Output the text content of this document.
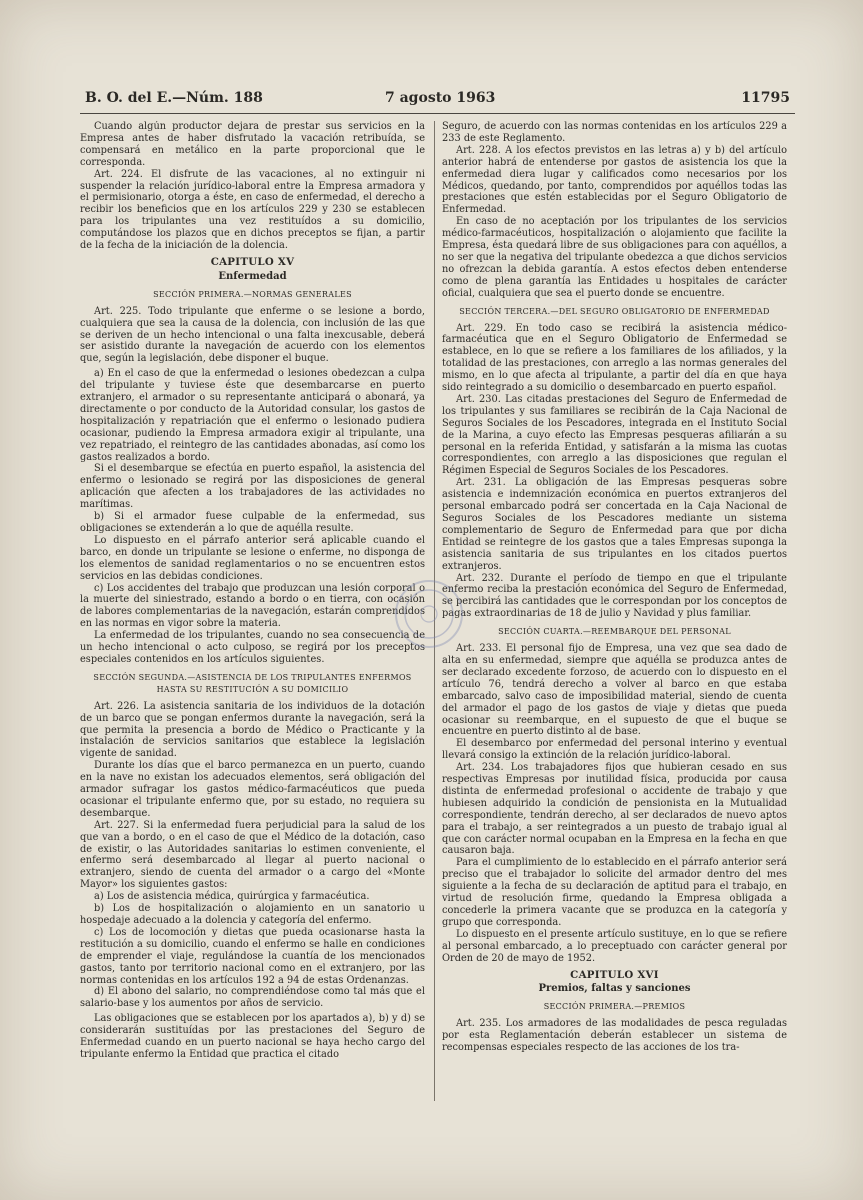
B. O. del E.—Núm. 188	7 agosto 1963	11795

Cuando algún productor dejara de prestar sus servicios en la Empresa antes de haber disfrutado la vacación retribuída, se compensará en metálico en la parte proporcional que le corresponda.

Art. 224. El disfrute de las vacaciones, al no extinguir ni suspender la relación jurídico-laboral entre la Empresa armadora y el permisionario, otorga a éste, en caso de enfermedad, el derecho a recibir los beneficios que en los artículos 229 y 230 se establecen para los tripulantes una vez restituídos a su domicilio, computándose los plazos que en dichos preceptos se fijan, a partir de la fecha de la iniciación de la dolencia.

CAPITULO XV

Enfermedad

SECCIÓN PRIMERA.—NORMAS GENERALES

Art. 225. Todo tripulante que enferme o se lesione a bordo, cualquiera que sea la causa de la dolencia, con inclusión de las que se deriven de un hecho intencional o una falta inexcusable, deberá ser asistido durante la navegación de acuerdo con los elementos que, según la legislación, debe disponer el buque.

a) En el caso de que la enfermedad o lesiones obedezcan a culpa del tripulante y tuviese éste que desembarcarse en puerto extranjero, el armador o su representante anticipará o abonará, ya directamente o por conducto de la Autoridad consular, los gastos de hospitalización y repatriación que el enfermo o lesionado pudiera ocasionar, pudiendo la Empresa armadora exigir al tripulante, una vez repatriado, el reintegro de las cantidades abonadas, así como los gastos realizados a bordo.

Si el desembarque se efectúa en puerto español, la asistencia del enfermo o lesionado se regirá por las disposiciones de general aplicación que afecten a los trabajadores de las actividades no marítimas.

b) Si el armador fuese culpable de la enfermedad, sus obligaciones se extenderán a lo que de aquélla resulte.

Lo dispuesto en el párrafo anterior será aplicable cuando el barco, en donde un tripulante se lesione o enferme, no disponga de los elementos de sanidad reglamentarios o no se encuentren estos servicios en las debidas condiciones.

c) Los accidentes del trabajo que produzcan una lesión corporal o la muerte del siniestrado, estando a bordo o en tierra, con ocasión de labores complementarias de la navegación, estarán comprendidos en las normas en vigor sobre la materia.

La enfermedad de los tripulantes, cuando no sea consecuencia de un hecho intencional o acto culposo, se regirá por los preceptos especiales contenidos en los artículos siguientes.

SECCIÓN SEGUNDA.—ASISTENCIA DE LOS TRIPULANTES ENFERMOS HASTA SU RESTITUCIÓN A SU DOMICILIO

Art. 226. La asistencia sanitaria de los individuos de la dotación de un barco que se pongan enfermos durante la navegación, será la que permita la presencia a bordo de Médico o Practicante y la instalación de servicios sanitarios que establece la legislación vigente de sanidad.

Durante los días que el barco permanezca en un puerto, cuando en la nave no existan los adecuados elementos, será obligación del armador sufragar los gastos médico-farmacéuticos que pueda ocasionar el tripulante enfermo que, por su estado, no requiera su desembarque.

Art. 227. Si la enfermedad fuera perjudicial para la salud de los que van a bordo, o en el caso de que el Médico de la dotación, caso de existir, o las Autoridades sanitarias lo estimen conveniente, el enfermo será desembarcado al llegar al puerto nacional o extranjero, siendo de cuenta del armador o a cargo del «Monte Mayor» los siguientes gastos:

a) Los de asistencia médica, quirúrgica y farmacéutica.

b) Los de hospitalización o alojamiento en un sanatorio u hospedaje adecuado a la dolencia y categoría del enfermo.

c) Los de locomoción y dietas que pueda ocasionarse hasta la restitución a su domicilio, cuando el enfermo se halle en condiciones de emprender el viaje, regulándose la cuantía de los mencionados gastos, tanto por territorio nacional como en el extranjero, por las normas contenidas en los artículos 192 a 94 de estas Ordenanzas.

d) El abono del salario, no comprendiéndose como tal más que el salario-base y los aumentos por años de servicio.

Las obligaciones que se establecen por los apartados a), b) y d) se considerarán sustituídas por las prestaciones del Seguro de Enfermedad cuando en un puerto nacional se haya hecho cargo del tripulante enfermo la Entidad que practica el citado

Seguro, de acuerdo con las normas contenidas en los artículos 229 a 233 de este Reglamento.

Art. 228. A los efectos previstos en las letras a) y b) del artículo anterior habrá de entenderse por gastos de asistencia los que la enfermedad diera lugar y calificados como necesarios por los Médicos, quedando, por tanto, comprendidos por aquéllos todas las prestaciones que estén establecidas por el Seguro Obligatorio de Enfermedad.

En caso de no aceptación por los tripulantes de los servicios médico-farmacéuticos, hospitalización o alojamiento que facilite la Empresa, ésta quedará libre de sus obligaciones para con aquéllos, a no ser que la negativa del tripulante obedezca a que dichos servicios no ofrezcan la debida garantía. A estos efectos deben entenderse como de plena garantía las Entidades u hospitales de carácter oficial, cualquiera que sea el puerto donde se encuentre.

SECCIÓN TERCERA.—DEL SEGURO OBLIGATORIO DE ENFERMEDAD

Art. 229. En todo caso se recibirá la asistencia médico-farmacéutica que en el Seguro Obligatorio de Enfermedad se establece, en lo que se refiere a los familiares de los afiliados, y la totalidad de las prestaciones, con arreglo a las normas generales del mismo, en lo que afecta al tripulante, a partir del día en que haya sido reintegrado a su domicilio o desembarcado en puerto español.

Art. 230. Las citadas prestaciones del Seguro de Enfermedad de los tripulantes y sus familiares se recibirán de la Caja Nacional de Seguros Sociales de los Pescadores, integrada en el Instituto Social de la Marina, a cuyo efecto las Empresas pesqueras afiliarán a su personal en la referida Entidad, y satisfarán a la misma las cuotas correspondientes, con arreglo a las disposiciones que regulan el Régimen Especial de Seguros Sociales de los Pescadores.

Art. 231. La obligación de las Empresas pesqueras sobre asistencia e indemnización económica en puertos extranjeros del personal embarcado podrá ser concertada en la Caja Nacional de Seguros Sociales de los Pescadores mediante un sistema complementario de Seguro de Enfermedad para que por dicha Entidad se reintegre de los gastos que a tales Empresas suponga la asistencia sanitaria de sus tripulantes en los citados puertos extranjeros.

Art. 232. Durante el período de tiempo en que el tripulante enfermo reciba la prestación económica del Seguro de Enfermedad, se percibirá las cantidades que le correspondan por los conceptos de pagas extraordinarias de 18 de julio y Navidad y plus familiar.

SECCIÓN CUARTA.—REEMBARQUE DEL PERSONAL

Art. 233. El personal fijo de Empresa, una vez que sea dado de alta en su enfermedad, siempre que aquélla se produzca antes de ser declarado excedente forzoso, de acuerdo con lo dispuesto en el artículo 76, tendrá derecho a volver al barco en que estaba embarcado, salvo caso de imposibilidad material, siendo de cuenta del armador el pago de los gastos de viaje y dietas que pueda ocasionar su reembarque, en el supuesto de que el buque se encuentre en puerto distinto al de base.

El desembarco por enfermedad del personal interino y eventual llevará consigo la extinción de la relación jurídico-laboral.

Art. 234. Los trabajadores fijos que hubieran cesado en sus respectivas Empresas por inutilidad física, producida por causa distinta de enfermedad profesional o accidente de trabajo y que hubiesen adquirido la condición de pensionista en la Mutualidad correspondiente, tendrán derecho, al ser declarados de nuevo aptos para el trabajo, a ser reintegrados a un puesto de trabajo igual al que con carácter normal ocupaban en la Empresa en la fecha en que causaron baja.

Para el cumplimiento de lo establecido en el párrafo anterior será preciso que el trabajador lo solicite del armador dentro del mes siguiente a la fecha de su declaración de aptitud para el trabajo, en virtud de resolución firme, quedando la Empresa obligada a concederle la primera vacante que se produzca en la categoría y grupo que corresponda.

Lo dispuesto en el presente artículo sustituye, en lo que se refiere al personal embarcado, a lo preceptuado con carácter general por Orden de 20 de mayo de 1952.

CAPITULO XVI

Premios, faltas y sanciones

SECCIÓN PRIMERA.—PREMIOS

Art. 235. Los armadores de las modalidades de pesca reguladas por esta Reglamentación deberán establecer un sistema de recompensas especiales respecto de las acciones de los tra-
